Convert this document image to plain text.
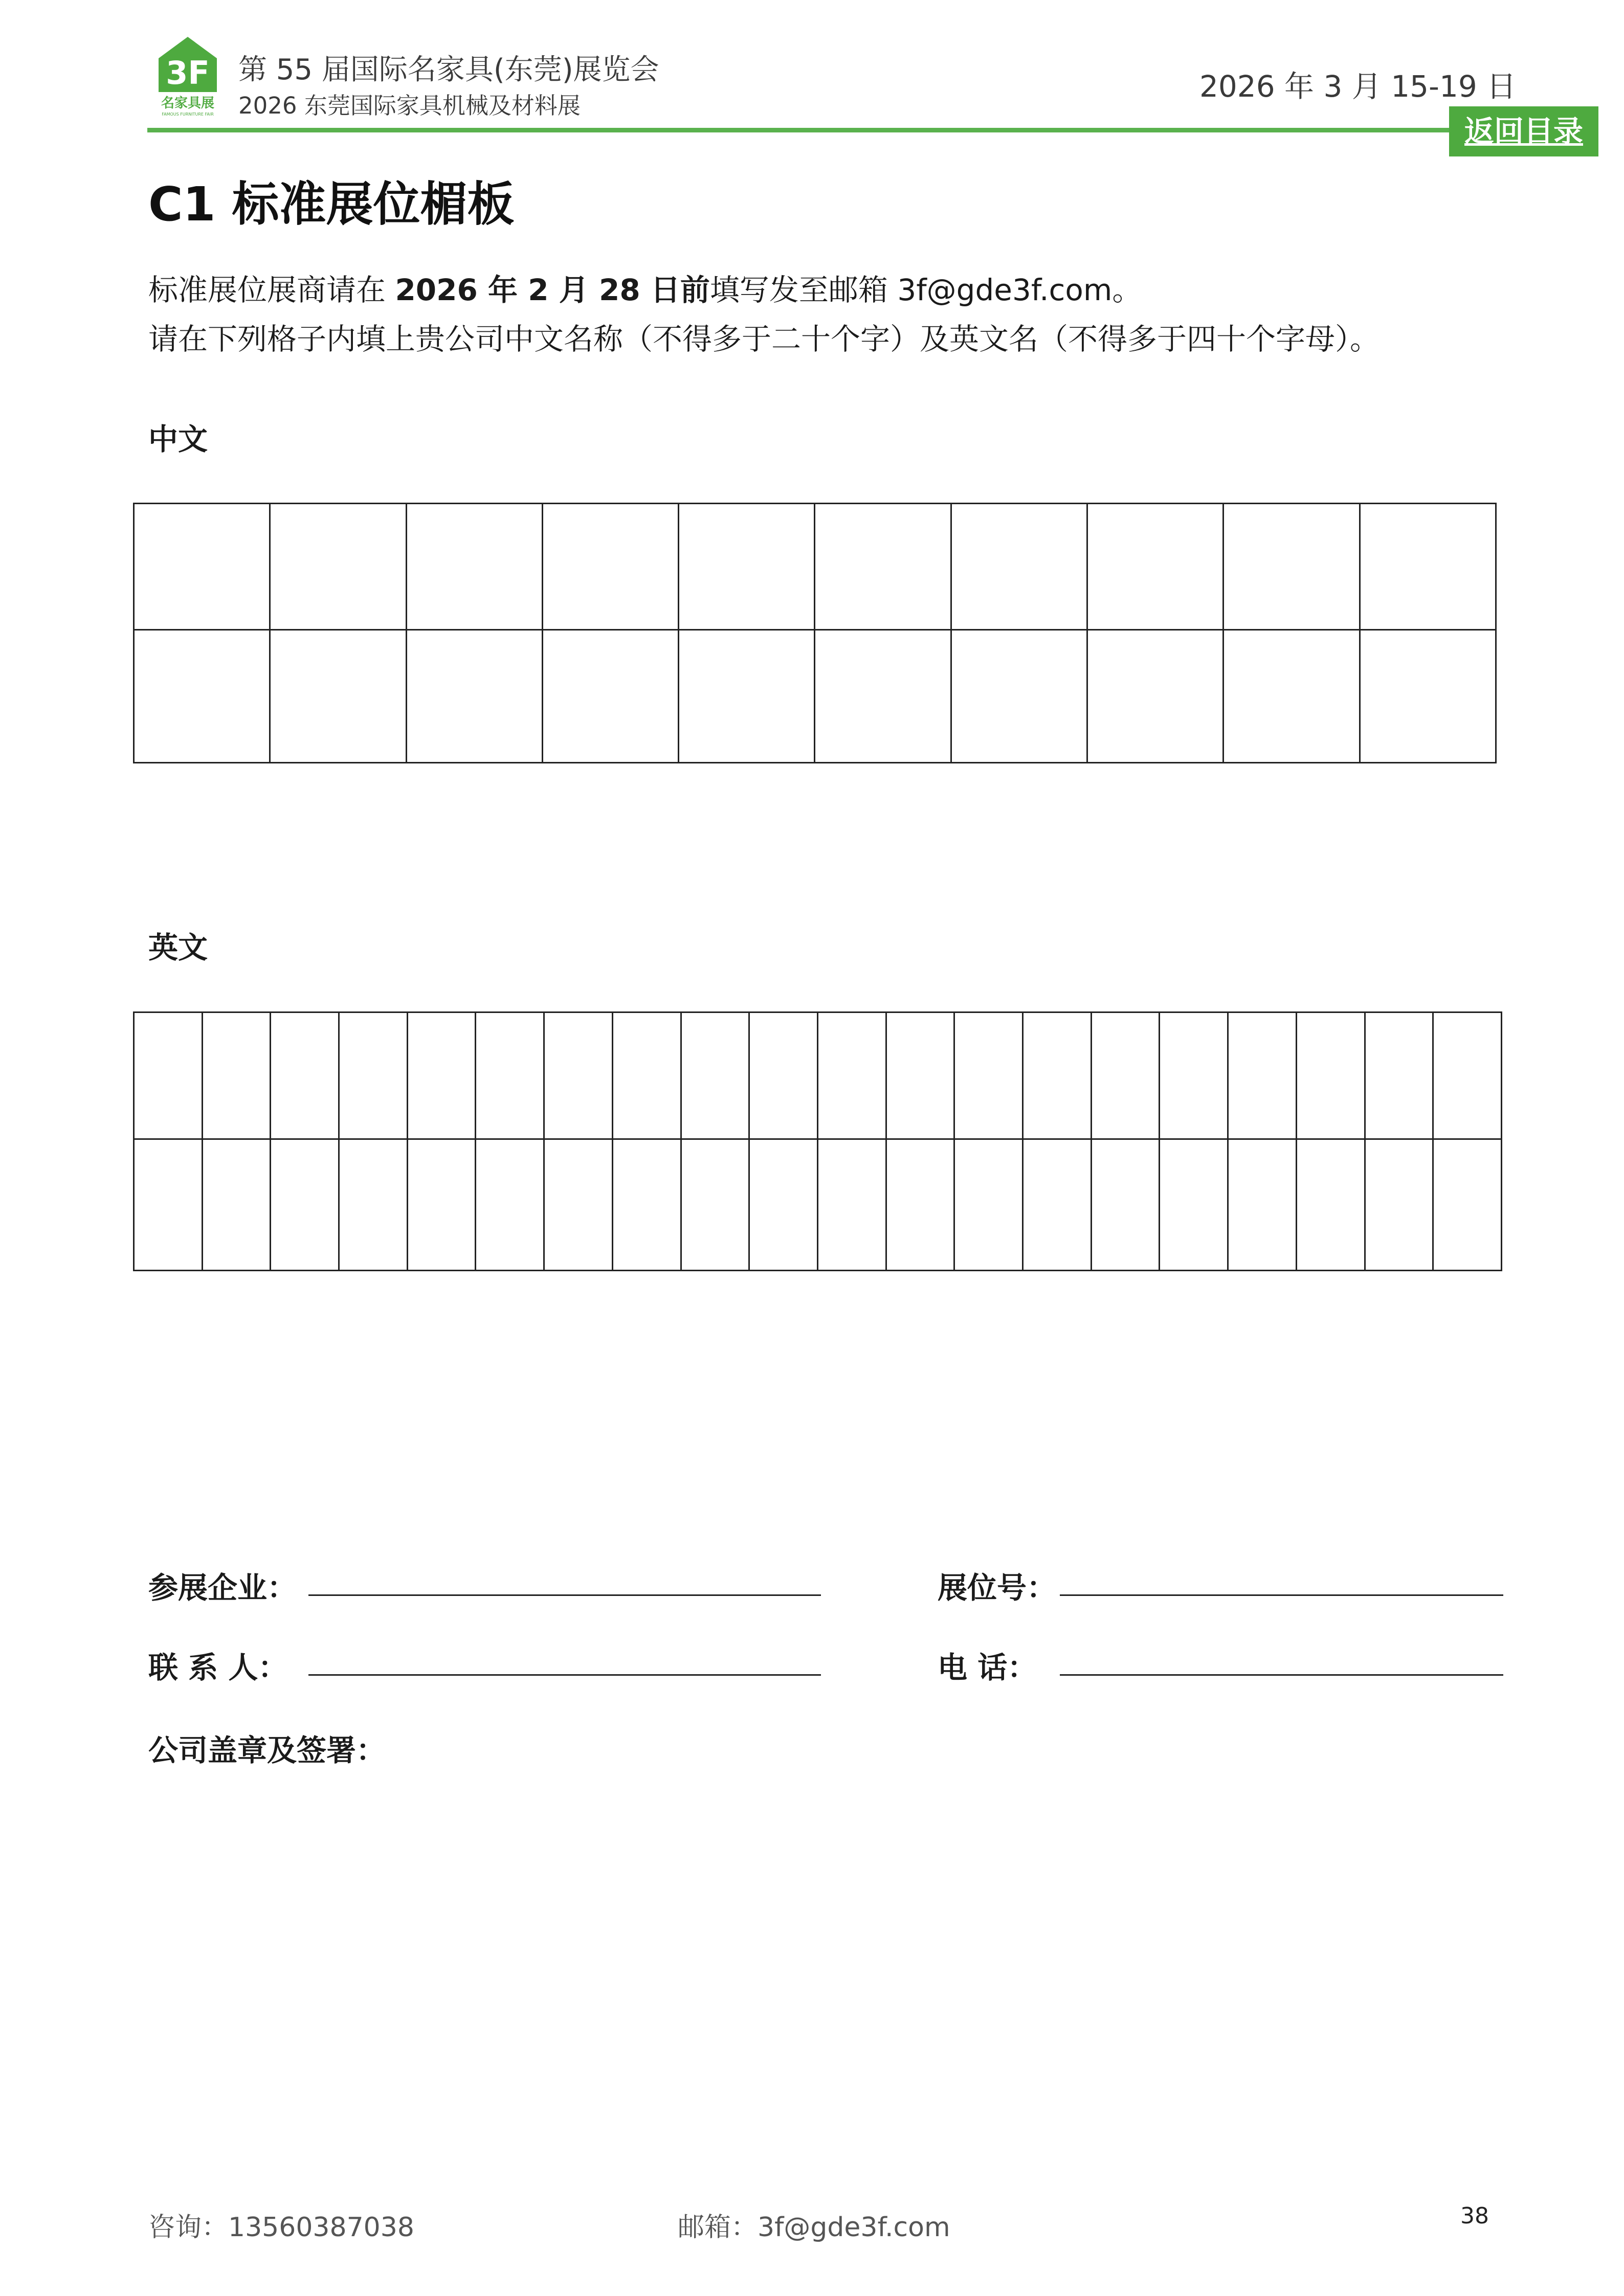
3F
名家具展
FAMOUS FURNITURE FAIR
第 55 届国际名家具(东莞)展览会
2026 东莞国际家具机械及材料展
2026 年 3 月 15-19 日
返回目录
C1 标准展位楣板
标准展位展商请在 2026 年 2 月 28 日前填写发至邮箱 3f@gde3f.com。
请在下列格子内填上贵公司中文名称（不得多于二十个字）及英文名（不得多于四十个字母）。
中文
英文
参展企业：	展位号：
联 系 人：	电 话：
公司盖章及签署：
咨询：13560387038	邮箱：3f@gde3f.com	38
